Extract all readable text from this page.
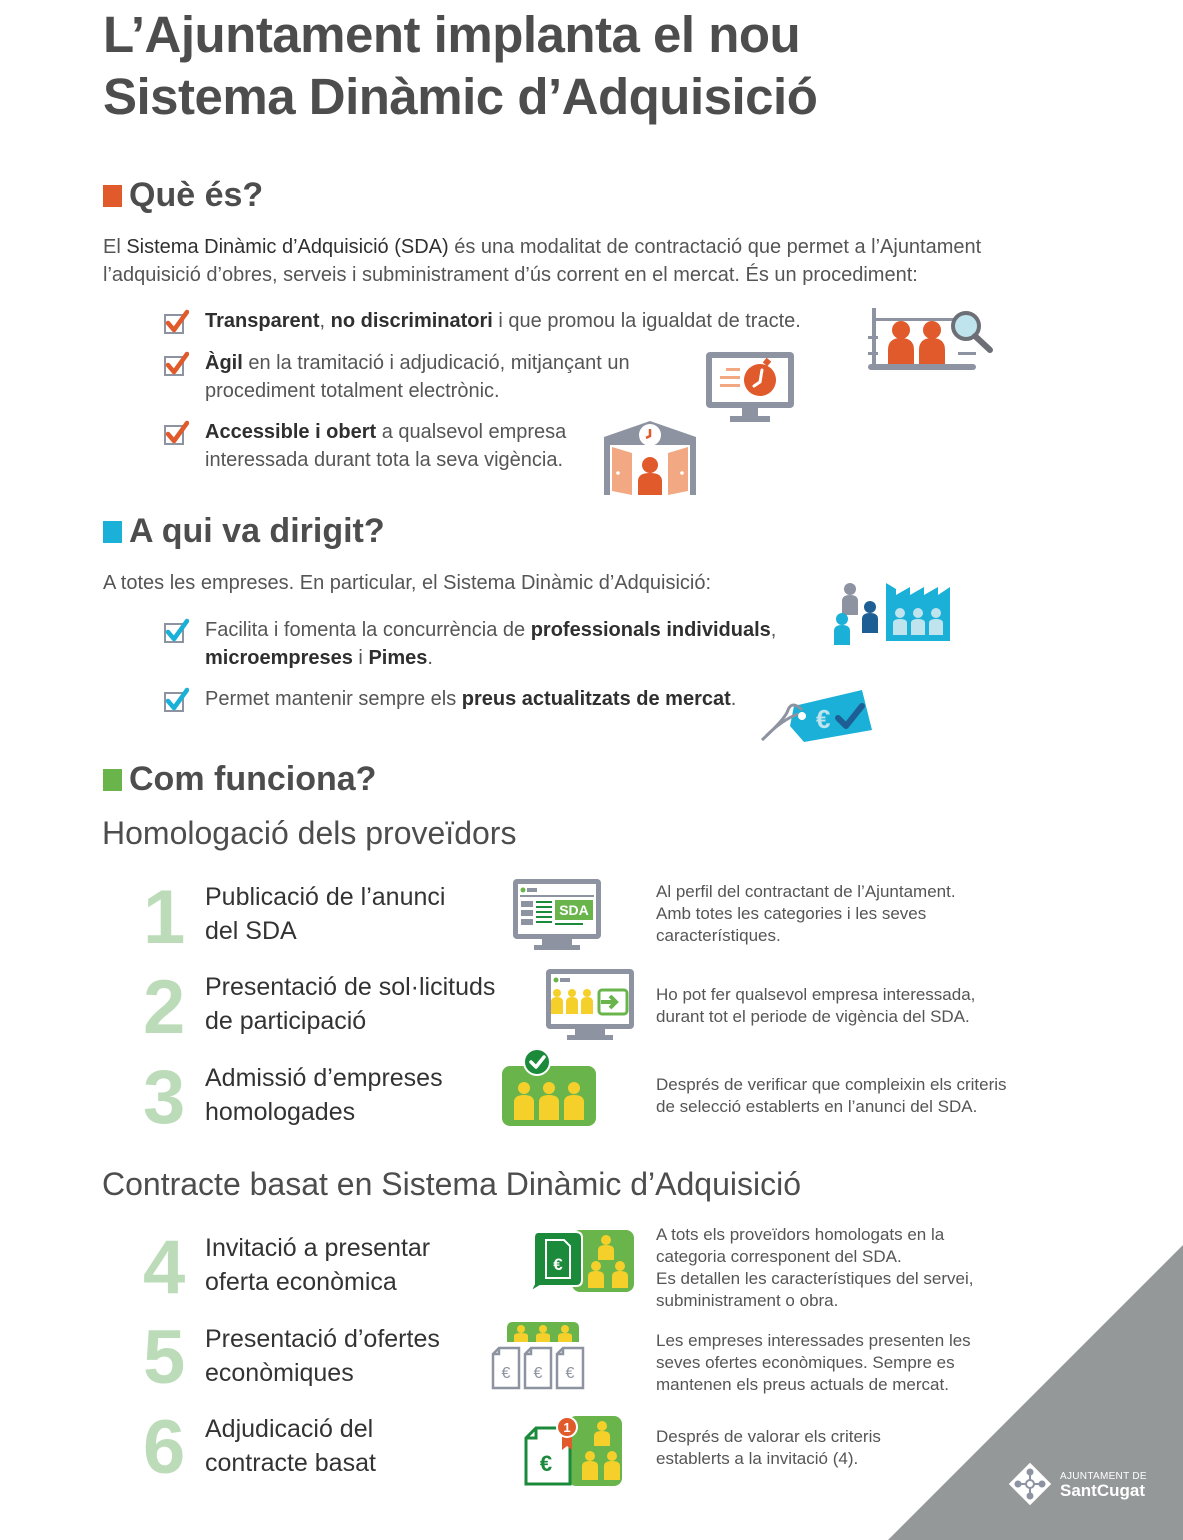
L’Ajuntament implanta el nou
Sistema Dinàmic d’Adquisició
Què és?
El Sistema Dinàmic d’Adquisició (SDA) és una modalitat de contractació que permet a l’Ajuntament
l’adquisició d’obres, serveis i subministrament d’ús corrent en el mercat. És un procediment:
Transparent, no discriminatori i que promou la igualdat de tracte.
Àgil en la tramitació i adjudicació, mitjançant un
procediment totalment electrònic.
Accessible i obert a qualsevol empresa
interessada durant tota la seva vigència.
A qui va dirigit?
A totes les empreses. En particular, el Sistema Dinàmic d’Adquisició:
Facilita i fomenta la concurrència de professionals individuals,
microempreses i Pimes.
Permet mantenir sempre els preus actualitzats de mercat.
€
Com funciona?
Homologació dels proveïdors
1 Publicació de l’anunci
del SDA
SDA
Al perfil del contractant de l’Ajuntament.
Amb totes les categories i les seves
característiques.
2 Presentació de sol·licituds
de participació
Ho pot fer qualsevol empresa interessada,
durant tot el periode de vigència del SDA.
3 Admissió d’empreses
homologades
Després de verificar que compleixin els criteris
de selecció establerts en l’anunci del SDA.
Contracte basat en Sistema Dinàmic d’Adquisició
4 Invitació a presentar
oferta econòmica
€
A tots els proveïdors homologats en la
categoria corresponent del SDA.
Es detallen les característiques del servei,
subministrament o obra.
5 Presentació d’ofertes
econòmiques	€ € €
Les empreses interessades presenten les
seves ofertes econòmiques. Sempre es
mantenen els preus actuals de mercat.
6 Adjudicació del
contracte basat	€
1	Després de valorar els criteris
establerts a la invitació (4).
AJUNTAMENT DE
SantCugat
